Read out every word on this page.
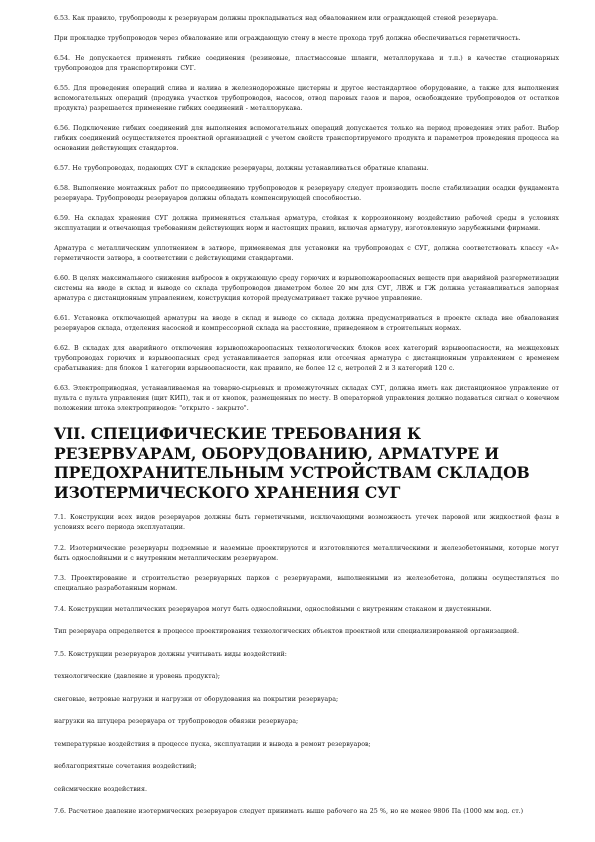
6.53. Как правило, трубопроводы к резервуарам должны прокладываться над обвалованием или ограждающей стеной резервуара.

При прокладке трубопроводов через обвалование или ограждающую стену в месте прохода труб должна обеспечиваться герметичность.

6.54. Не допускается применять гибкие соединения (резиновые, пластмассовые шланги, металлорукава и т.п.) в качестве стационарных трубопроводов для транспортировки СУГ.

6.55. Для проведения операций слива и налива в железнодорожные цистерны и другое нестандартное оборудование, а также для выполнения вспомогательных операций (продувка участков трубопроводов, насосов, отвод паровых газов и паров, освобождение трубопроводов от остатков продукта) разрешается применение гибких соединений - металлорукава.

6.56. Подключение гибких соединений для выполнения вспомогательных операций допускается только на период проведения этих работ. Выбор гибких соединений осуществляется проектной организацией с учетом свойств транспортируемого продукта и параметров проведения процесса на основании действующих стандартов.

6.57. Не трубопроводах, подающих СУГ в складские резервуары, должны устанавливаться обратные клапаны.

6.58. Выполнение монтажных работ по присоединению трубопроводов к резервуару следует производить после стабилизации осадки фундамента резервуара. Трубопроводы резервуаров должны обладать компенсирующей способностью.

6.59. На складах хранения СУГ должна применяться стальная арматура, стойкая к коррозионному воздействию рабочей среды в условиях эксплуатации и отвечающая требованиям действующих норм и настоящих правил, включая арматуру, изготовленную зарубежными фирмами.

Арматура с металлическим уплотнением в затворе, применяемая для установки на трубопроводах с СУГ, должна соответствовать классу «А» герметичности затвора, в соответствии с действующими стандартами.

6.60. В целях максимального снижения выбросов в окружающую среду горючих и взрывопожароопасных веществ при аварийной разгерметизации системы на вводе в склад и выводе со склада трубопроводов диаметром более 20 мм для СУГ, ЛВЖ и ГЖ должна устанавливаться запорная арматура с дистанционным управлением, конструкция которой предусматривает также ручное управление.

6.61. Установка отключающей арматуры на вводе в склад и выводе со склада должна предусматриваться в проекте склада вне обвалования резервуаров склада, отделения насосной и компрессорной склада на расстояние, приведенном в строительных нормах.

6.62. В складах для аварийного отключения взрывопожароопасных технологических блоков всех категорий взрывоопасности, на межцеховых трубопроводах горючих и взрывоопасных сред устанавливается запорная или отсечная арматура с дистанционным управлением с временем срабатывания: для блоков 1 категории взрывоопасности, как правило, не более 12 с, нетролей 2 и 3 категорий 120 с.

6.63. Электроприводная, устанавливаемая на товарно-сырьевых и промежуточных складах СУГ, должна иметь как дистанционное управление от пульта с пульта управления (щит КИП), так и от кнопок, размещенных по месту. В операторной управления должно подаваться сигнал о конечном положении штока электроприводов: "открыто - закрыто".

VII. СПЕЦИФИЧЕСКИЕ ТРЕБОВАНИЯ К РЕЗЕРВУАРАМ, ОБОРУДОВАНИЮ, АРМАТУРЕ И ПРЕДОХРАНИТЕЛЬНЫМ УСТРОЙСТВАМ СКЛАДОВ ИЗОТЕРМИЧЕСКОГО ХРАНЕНИЯ СУГ

7.1. Конструкции всех видов резервуаров должны быть герметичными, исключающими возможность утечек паровой или жидкостной фазы в условиях всего периода эксплуатации.

7.2. Изотермические резервуары подземные и наземные проектируются и изготовляются металлическими и железобетонными, которые могут быть однослойными и с внутренним металлическим резервуаром.

7.3. Проектирование и строительство резервуарных парков с резервуарами, выполненными из железобетона, должны осуществляться по специально разработанным нормам.

7.4. Конструкции металлических резервуаров могут быть однослойными, однослойными с внутренним стаканом и двустенными.

Тип резервуара определяется в процессе проектирования технологических объектов проектной или специализированной организацией.

7.5. Конструкции резервуаров должны учитывать виды воздействий:

технологические (давление и уровень продукта);

снеговые, ветровые нагрузки и нагрузки от оборудования на покрытии резервуара;

нагрузки на штуцера резервуара от трубопроводов обвязки резервуара;

температурные воздействия в процессе пуска, эксплуатации и вывода в ремонт резервуаров;

неблагоприятные сочетания воздействий;

сейсмические воздействия.

7.6. Расчетное давление изотермических резервуаров следует принимать выше рабочего на 25 %, но не менее 9806 Па (1000 мм вод. ст.)
